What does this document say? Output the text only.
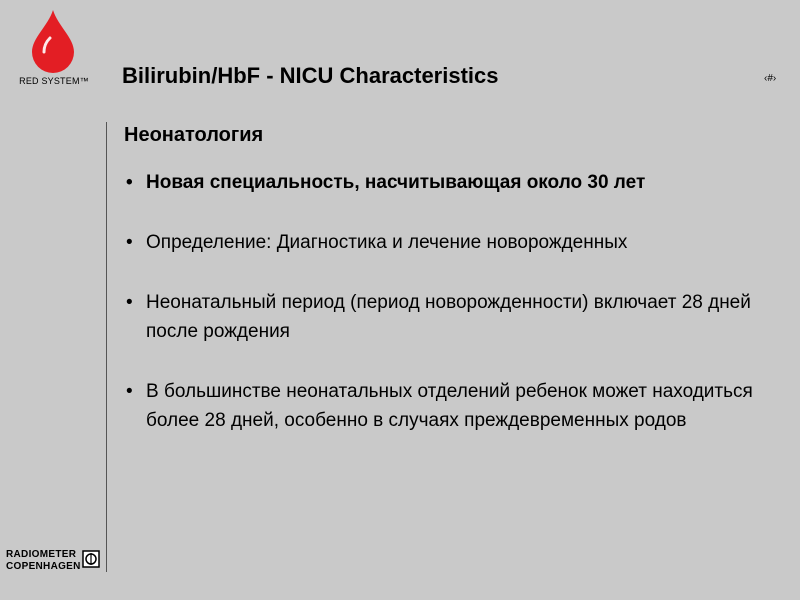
RED SYSTEM™ Bilirubin/HbF - NICU Characteristics	‹#›
Неонатология
• Новая специальность, насчитывающая около 30 лет
• Определение: Диагностика и лечение новорожденных
• Неонатальный период (период новорожденности) включает 28 дней после рождения
• В большинстве неонатальных отделений ребенок может находиться более 28 дней, особенно в случаях преждевременных родов
RADIOMETER
COPENHAGEN
